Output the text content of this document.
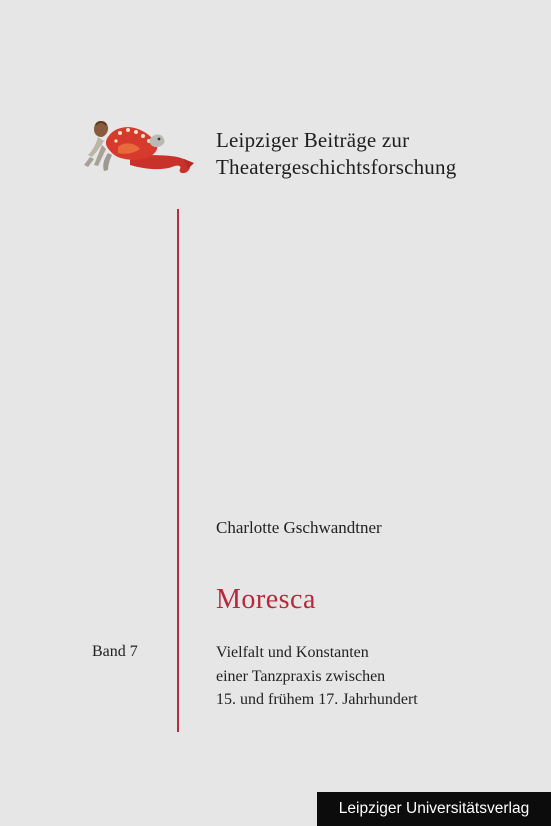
Leipziger Beiträge zur
Theatergeschichtsforschung
Charlotte Gschwandtner
Moresca
Band 7	Vielfalt und Konstanten
einer Tanzpraxis zwischen
15. und frühem 17. Jahrhundert
Leipziger Universitätsverlag
